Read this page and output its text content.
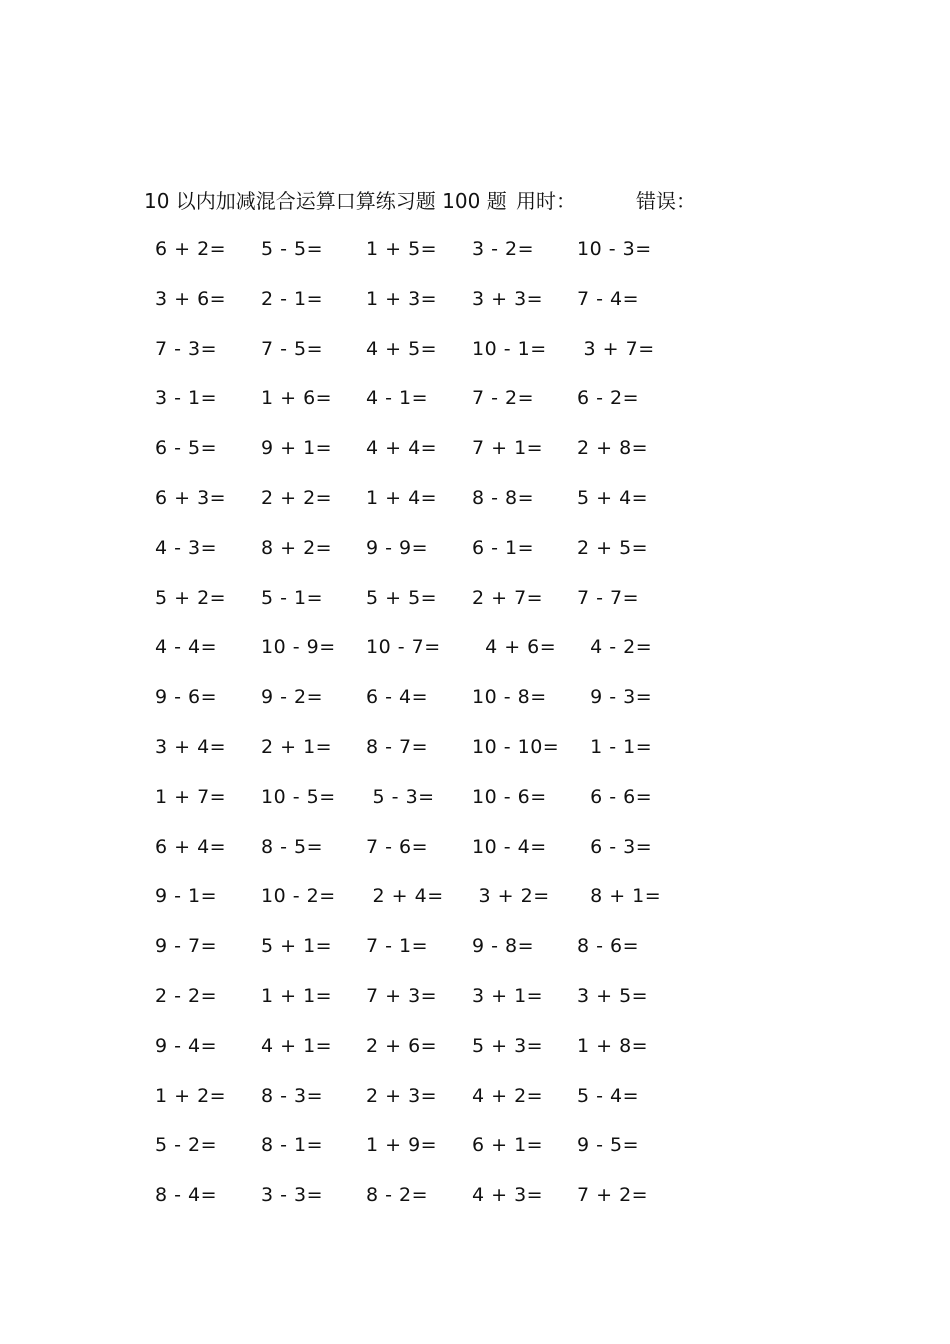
10 以内加减混合运算口算练习题 100 题 用时：	错误：
6 + 2= 5 - 5= 1 + 5= 3 - 2= 10 - 3=
3 + 6= 2 - 1= 1 + 3= 3 + 3= 7 - 4=
7 - 3= 7 - 5= 4 + 5= 10 - 1= 3 + 7=
3 - 1= 1 + 6= 4 - 1= 7 - 2= 6 - 2=
6 - 5= 9 + 1= 4 + 4= 7 + 1= 2 + 8=
6 + 3= 2 + 2= 1 + 4= 8 - 8= 5 + 4=
4 - 3= 8 + 2= 9 - 9= 6 - 1= 2 + 5=
5 + 2= 5 - 1= 5 + 5= 2 + 7= 7 - 7=
4 - 4= 10 - 9= 10 - 7= 4 + 6= 4 - 2=
9 - 6= 9 - 2= 6 - 4= 10 - 8= 9 - 3=
3 + 4= 2 + 1= 8 - 7= 10 - 10= 1 - 1=
1 + 7= 10 - 5= 5 - 3= 10 - 6= 6 - 6=
6 + 4= 8 - 5= 7 - 6= 10 - 4= 6 - 3=
9 - 1= 10 - 2= 2 + 4= 3 + 2= 8 + 1=
9 - 7= 5 + 1= 7 - 1= 9 - 8= 8 - 6=
2 - 2= 1 + 1= 7 + 3= 3 + 1= 3 + 5=
9 - 4= 4 + 1= 2 + 6= 5 + 3= 1 + 8=
1 + 2= 8 - 3= 2 + 3= 4 + 2= 5 - 4=
5 - 2= 8 - 1= 1 + 9= 6 + 1= 9 - 5=
8 - 4= 3 - 3= 8 - 2= 4 + 3= 7 + 2=
